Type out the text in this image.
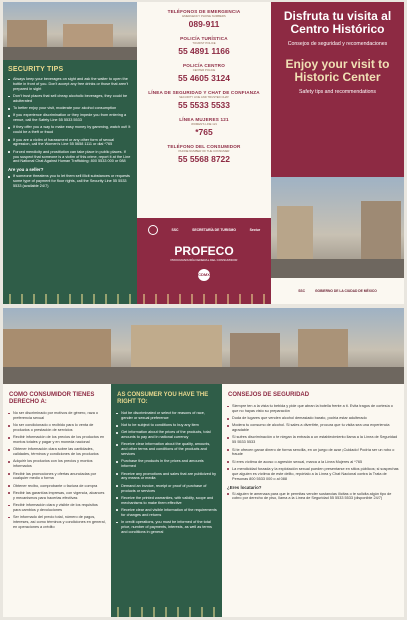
SECURITY TIPS
Always keep your beverages on sight and ask the waiter to open the bottle in front of you. Don't accept any free drinks or those that aren't prepared in sight
Don't trust places that sell cheap alcoholic beverages, they could be adulterated
To better enjoy your visit, moderate your alcohol consumption
If you experience discrimination or they impede you from entering a venue, call the Safety Line 55 5533 5533
If they offer you a way to make easy money by gamming, watch out! It could be a theft or fraud
If you are a victim of harassment or any other form of sexual agression, call the Women's Line 55 5658 1111 or dial *765
Forced mendicity and prostitution can take place in public places. If you suspect that someone is a victim of this crime, report it at the Line and National Chat Against Human Trafficking: 800 5533 000 or 088
Are you a seller?
If someone threatens you to let them sell illicit substances or requests some type of payment for floor rights, call the Security Line 55 5533 5533 (available 24/7)
TELÉFONOS DE EMERGENCIA
EMERGENCY PHONE NUMBERS
089-911
POLICÍA TURÍSTICA
TOURIST POLICE
55 4891 1166
POLICÍA CENTRO
CENTER POLICE
55 4605 3124
LÍNEA DE SEGURIDAD Y CHAT DE CONFIANZA
SECURITY LINE AND TRUSTED CHAT
55 5533 5533
LÍNEA MUJERES 121
WOMEN'S LINE 121
*765
TELÉFONO DEL CONSUMIDOR
PHONE NUMBER OF THE CONSUMER
55 5568 8722
SSC	SECRETARÍA DE TURISMO	Sectur
PROFECO
PROCURADURÍA FEDERAL DEL CONSUMIDOR
CDMX
Disfruta tu visita al Centro Histórico
Consejos de seguridad y recomendaciones
Enjoy your visit to Historic Center
Safety tips and recommendations
SSC	GOBIERNO DE LA CIUDAD DE MÉXICO
COMO CONSUMIDOR TIENES DERECHO A:
No ser discriminado por motivos de género, raza o preferencia sexual
No ser condicionado o recibido para lo venta de productos o prestación de servicios
Recibir información de los precios de los productos en montos totales y pagar y en moneda nacional
Obtener información clara sobre las cantidades, calidades, términos y condiciones de los productos
Adquirir los productos con los precios y montos informados
Recibir las promociones y ofertas anunciadas por cualquier medio o forma
Obtener recibo, comprobante o factura de compra
Recibir las garantías impresas, con vigencia, alcances y mecanismos para hacerlas efectivas
Recibir información clara y visible de los requisitos para cambios y devoluciones
Ser informado del precio total, número de pagos, intereses, así como términos y condiciones en general, en operaciones a crédito
AS CONSUMER YOU HAVE THE RIGHT TO:
Not be discriminated or select for reasons of race, gender or sexual preference
Not to be subject to conditions to buy any item
Get information about the prices of the products, total amounts to pay and in national currency
Receive clear information about the quality, amounts, and other terms and conditions of the products and services
Purchase the products in the prices and amounts informed
Receive any promotions and sales that are publicized by any means or media
Demand an invoice, receipt or proof of purchase of products or services
Receive the printed warranties, with validity, scope and mechanisms to make them effective
Receive clear and visible information of the requirements for changes and returns
In credit operations, you must be informed of the total price, number of payments, interests, as well as terms and conditions in general
CONSEJOS DE SEGURIDAD
Siempre ten a la vista tu bebida y pide que abran la botella frente a ti. Evita tragos de cortesía o que no hayas visto su preparación
Duda de lugares que venden alcohol demasiado barato, podría estar adulterado
Modera tu consumo de alcohol. Si sales a divertirte, procura que tu visita sea una experiencia agradable
Si sufres discriminación o te niegan la entrada a un establecimiento llama a la Línea de Seguridad 55 5533 5533
Si te ofrecen ganar dinero de forma sencilla, en un juego de azar ¡Cuidado! Podría ser un robo o fraude
Si eres víctima de acoso o agresión sexual, marca a la Línea Mujeres al *765
La mendicidad forzada y la explotación sexual pueden presentarse en sitios públicos; si sospechas que alguien es víctima de este delito, repórtalo a la Línea y Chat Nacional contra la Trata de Personas 800 5533 000 o al 088
¿Eres locatario?
Si alguien te amenaza para que le permitas vender sustancias ilícitas o te solicita algún tipo de cobro por derecho de piso, llama a la Línea de Seguridad 55 5533 5533 (disponible 24/7)
